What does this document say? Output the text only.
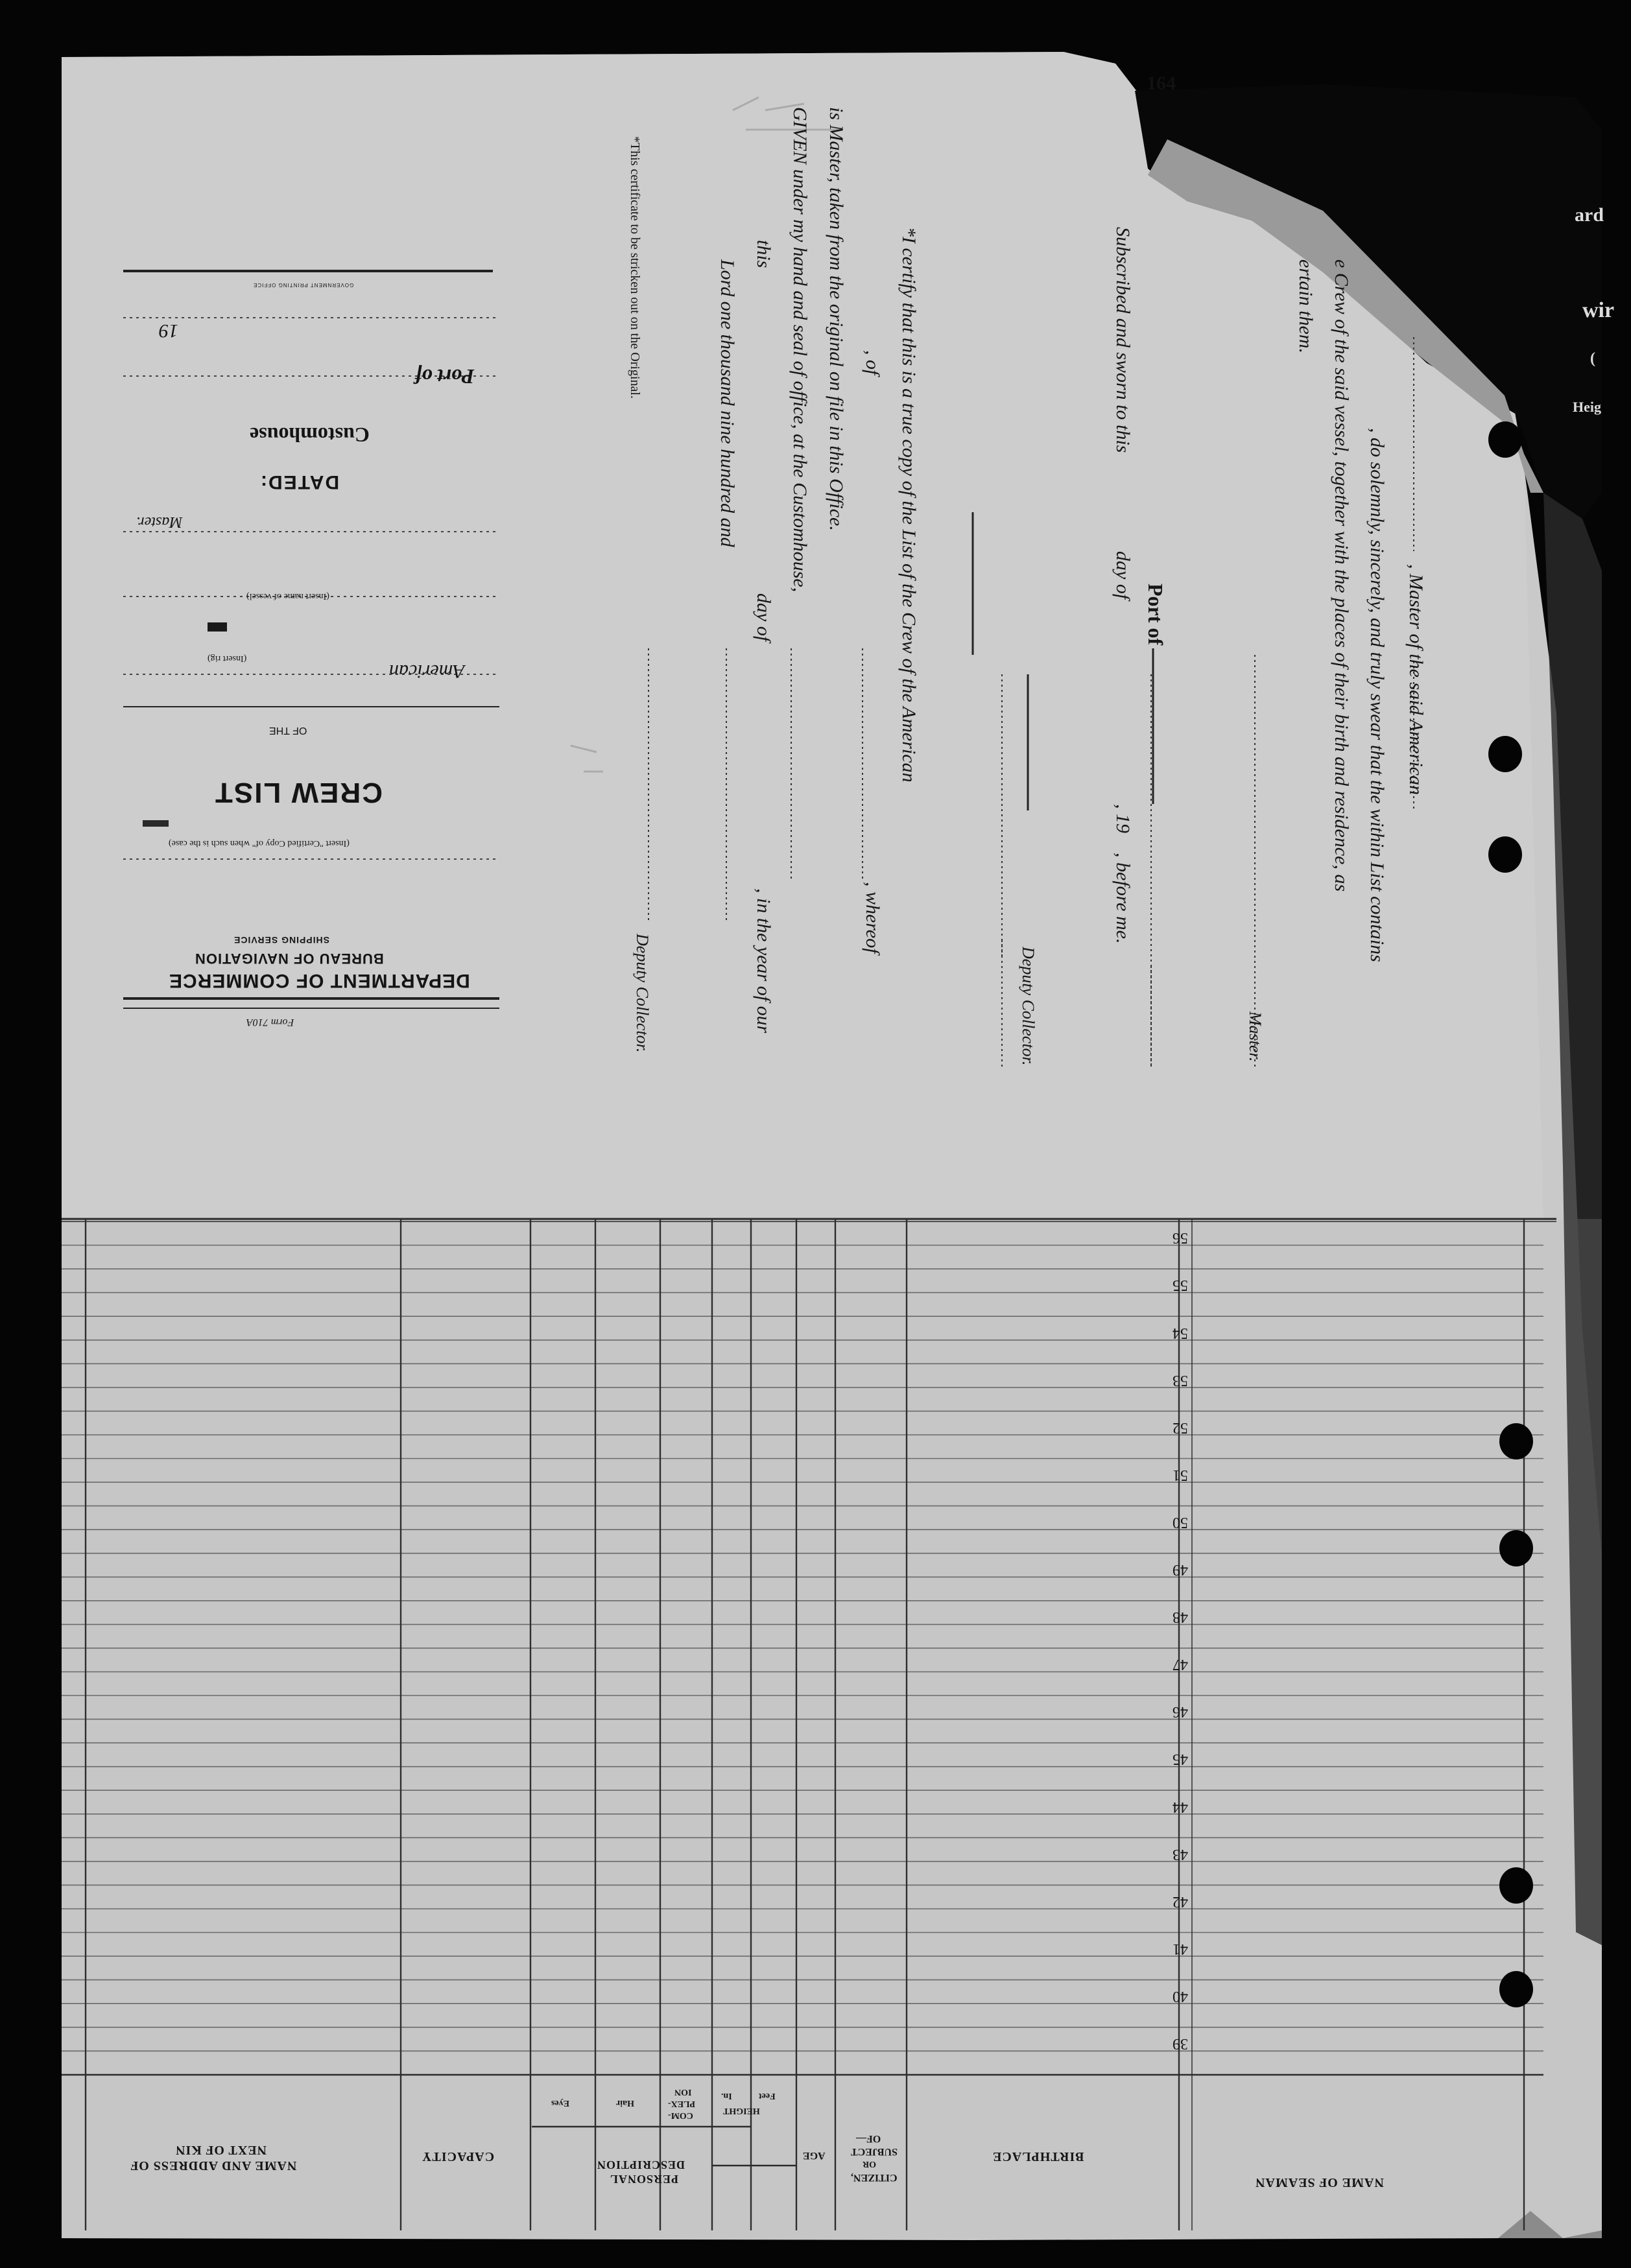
164
ard
wir
(
Heig
, Master of the said American
, do solemnly, sincerely, and truly swear that the within List contains
e Crew of the said vessel, together with the places of their birth and residence, as
ertain them.
Master.
Port of
Subscribed and sworn to this
day of
, 19
, before me.
Deputy Collector.
*I certify that this is a true copy of the List of the Crew of the American
, of
, whereof
is Master, taken from the original on file in this Office.
GIVEN under my hand and seal of office, at the Customhouse,
this
day of
, in the year of our
Lord one thousand nine hundred and
Deputy Collector.
*This certificate to be stricken out on the Original.
Form 710A
DEPARTMENT OF COMMERCE
BUREAU OF NAVIGATION
SHIPPING SERVICE
(Insert "Certified Copy of" when such is the case)
CREW LIST
OF THE
American
(Insert rig)
(Insert name of vessel)
Master.
DATED:
Customhouse
Port of
19
GOVERNMENT PRINTING OFFICE
NAME OF SEAMAN
BIRTHPLACE
CITIZEN,
OR
SUBJECT
OF—
AGE
PERSONAL
DESCRIPTION
HEIGHT
Feet
In.
COM-
PLEX-
ION
Hair
Eyes
CAPACITY
NAME AND ADDRESS OF
NEXT OF KIN
39
40
41
42
43
44
45
46
47
48
49
50
51
52
53
54
55
56
